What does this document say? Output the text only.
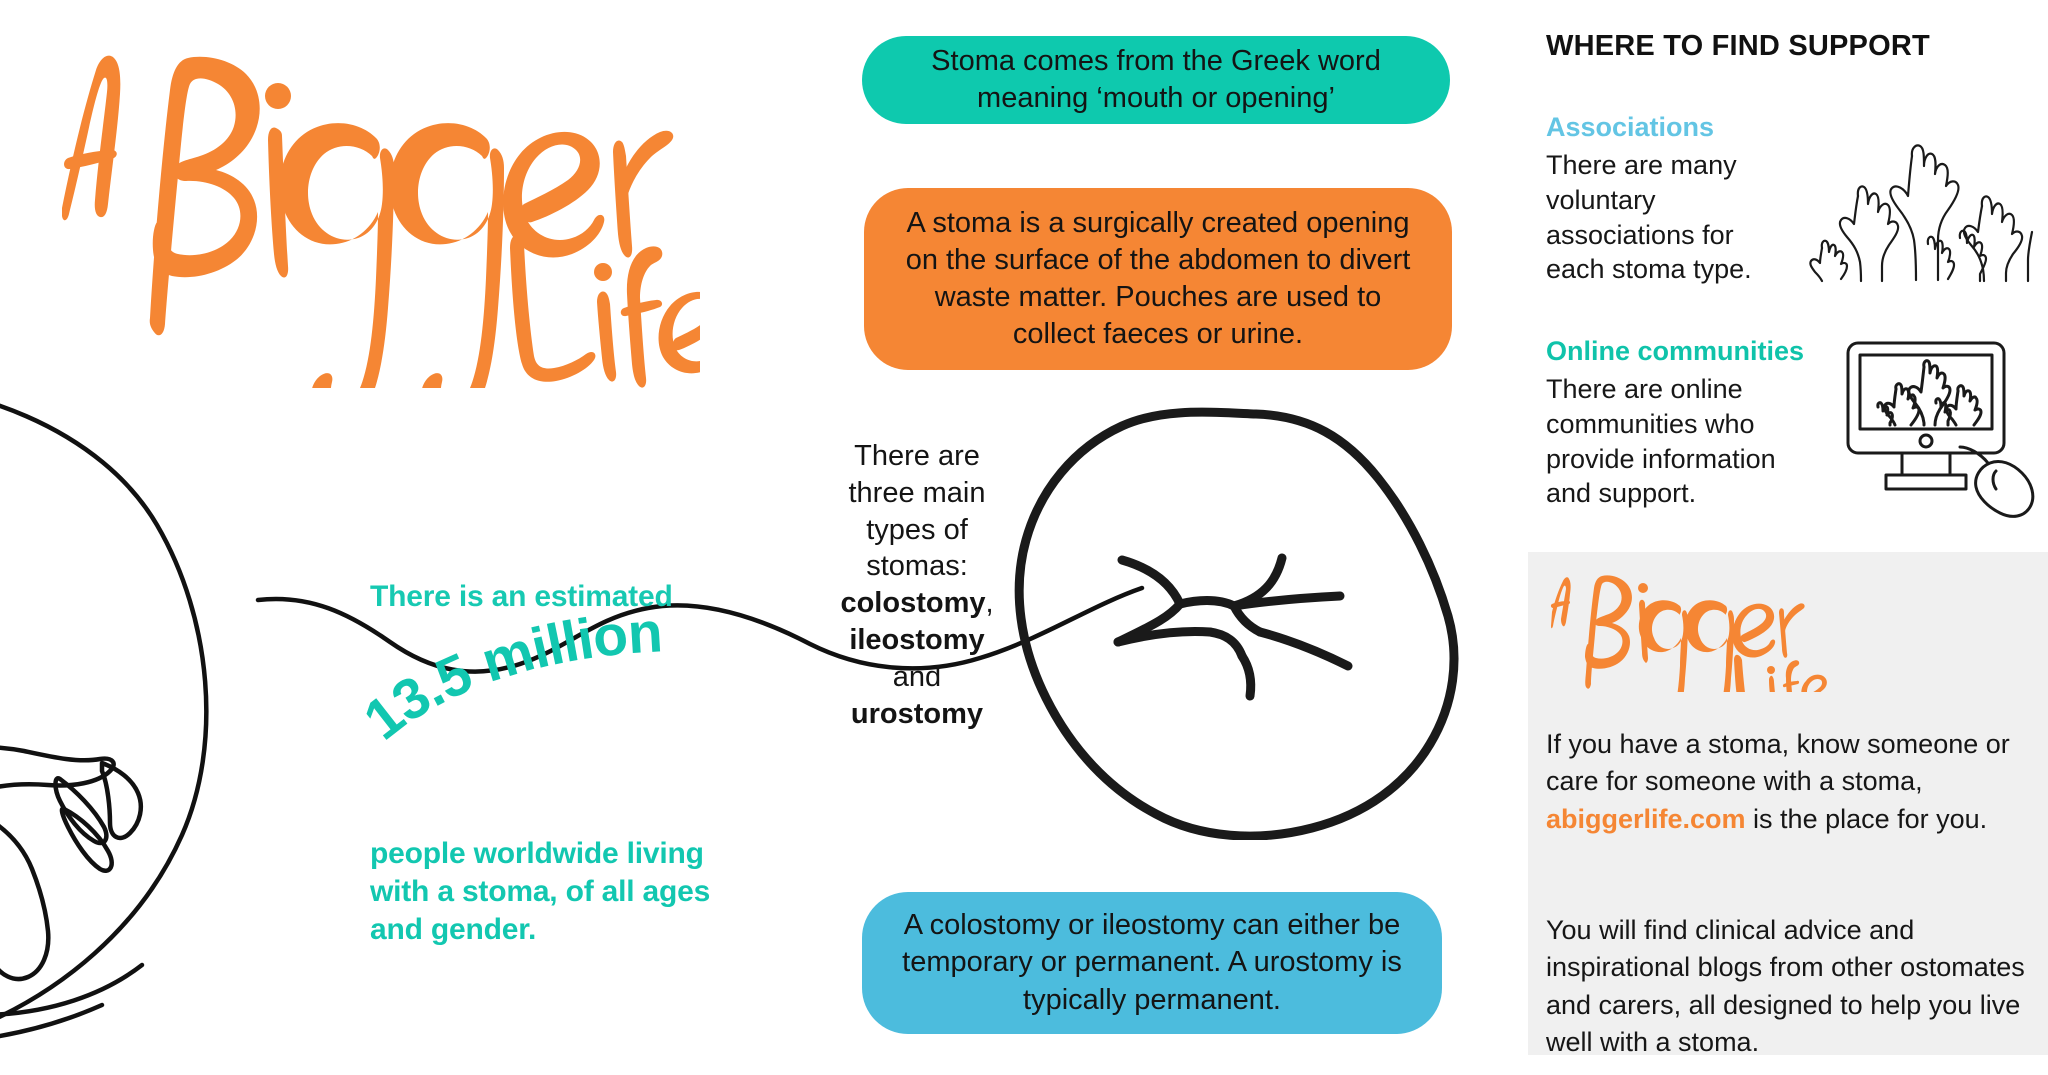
There is an estimated
13.5 million
people worldwide living
with a stoma, of all ages
and gender.
Stoma comes from the Greek word meaning ‘mouth or opening’
A stoma is a surgically created opening on the surface of the abdomen to divert waste matter. Pouches are used to collect faeces or urine.
A colostomy or ileostomy can either be temporary or permanent. A urostomy is typically permanent.
There are three main types of stomas: colostomy, ileostomy and urostomy
WHERE TO FIND SUPPORT
Associations
There are many voluntary associations for each stoma type.
Online communities
There are online communities who provide information and support.
If you have a stoma, know someone or care for someone with a stoma, abiggerlife.com is the place for you.
You will find clinical advice and inspirational blogs from other ostomates and carers, all designed to help you live well with a stoma.
